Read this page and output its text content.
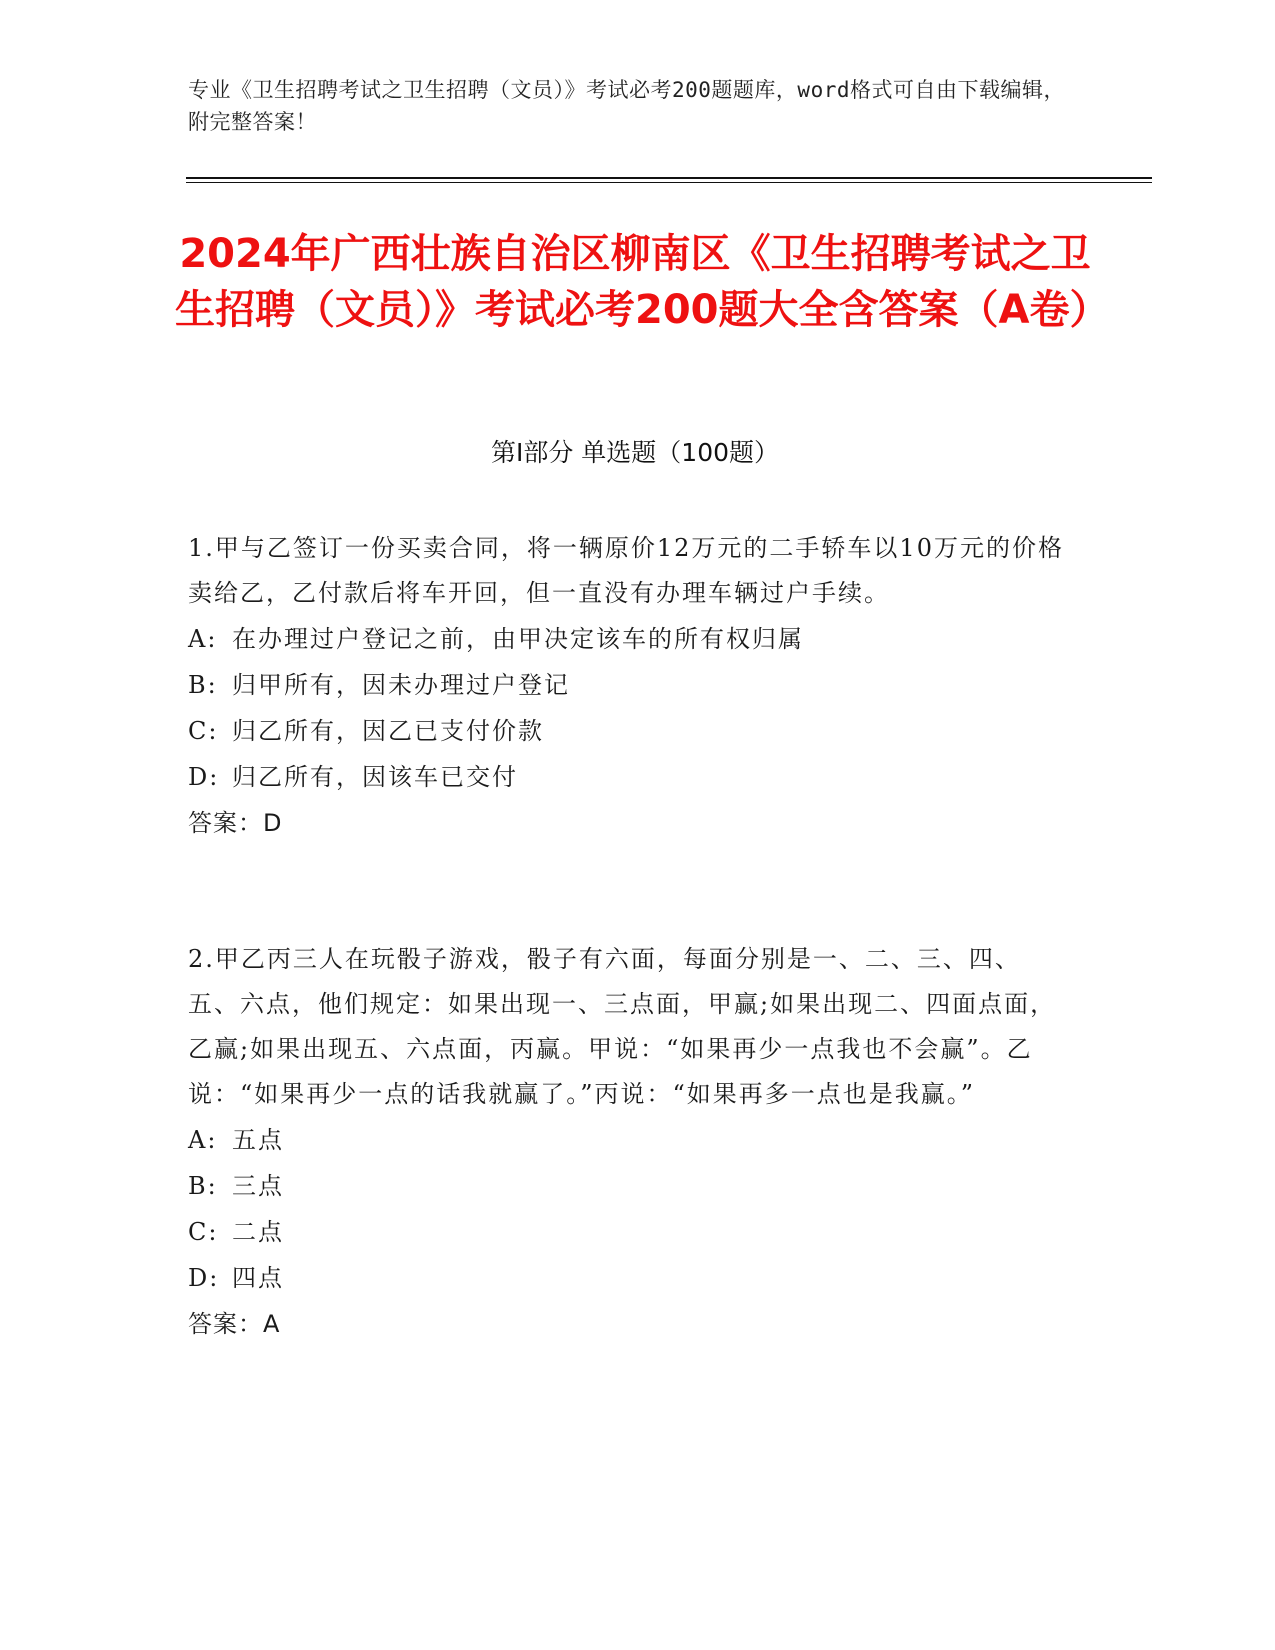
专业《卫生招聘考试之卫生招聘（文员）》考试必考200题题库，word格式可自由下载编辑，附完整答案！
2024年广西壮族自治区柳南区《卫生招聘考试之卫生招聘（文员）》考试必考200题大全含答案（A卷）
第I部分 单选题（100题）
1.甲与乙签订一份买卖合同，将一辆原价12万元的二手轿车以10万元的价格卖给乙，乙付款后将车开回，但一直没有办理车辆过户手续。
A: 在办理过户登记之前，由甲决定该车的所有权归属
B: 归甲所有，因未办理过户登记
C: 归乙所有，因乙已支付价款
D: 归乙所有，因该车已交付
答案：D
2.甲乙丙三人在玩骰子游戏，骰子有六面，每面分别是一、二、三、四、五、六点，他们规定：如果出现一、三点面，甲赢;如果出现二、四面点面，乙赢;如果出现五、六点面，丙赢。甲说：“如果再少一点我也不会赢”。乙说：“如果再少一点的话我就赢了。”丙说：“如果再多一点也是我赢。”
A: 五点
B: 三点
C: 二点
D: 四点
答案：A
